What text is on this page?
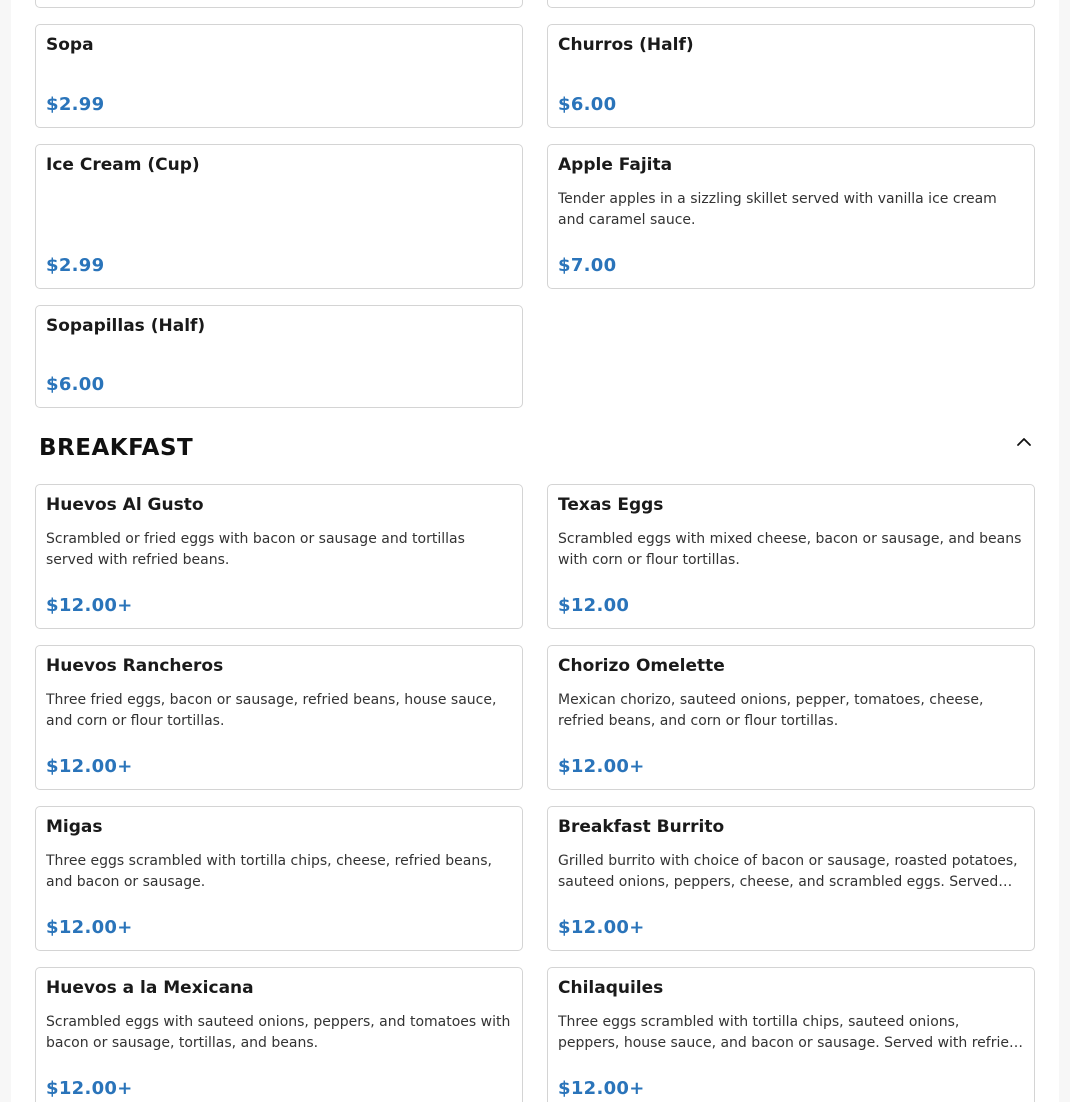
Sopa
$2.99
Churros (Half)
$6.00
Ice Cream (Cup)
$2.99
Apple Fajita
Tender apples in a sizzling skillet served with vanilla ice cream and caramel sauce.
$7.00
Sopapillas (Half)
$6.00
BREAKFAST
Huevos Al Gusto
Scrambled or fried eggs with bacon or sausage and tortillas served with refried beans.
$12.00+
Texas Eggs
Scrambled eggs with mixed cheese, bacon or sausage, and beans with corn or flour tortillas.
$12.00
Huevos Rancheros
Three fried eggs, bacon or sausage, refried beans, house sauce, and corn or flour tortillas.
$12.00+
Chorizo Omelette
Mexican chorizo, sauteed onions, pepper, tomatoes, cheese, refried beans, and corn or flour tortillas.
$12.00+
Migas
Three eggs scrambled with tortilla chips, cheese, refried beans, and bacon or sausage.
$12.00+
Breakfast Burrito
Grilled burrito with choice of bacon or sausage, roasted potatoes, sauteed onions, peppers, cheese, and scrambled eggs. Served…
$12.00+
Huevos a la Mexicana
Scrambled eggs with sauteed onions, peppers, and tomatoes with bacon or sausage, tortillas, and beans.
$12.00+
Chilaquiles
Three eggs scrambled with tortilla chips, sauteed onions, peppers, house sauce, and bacon or sausage. Served with refrie…
$12.00+
